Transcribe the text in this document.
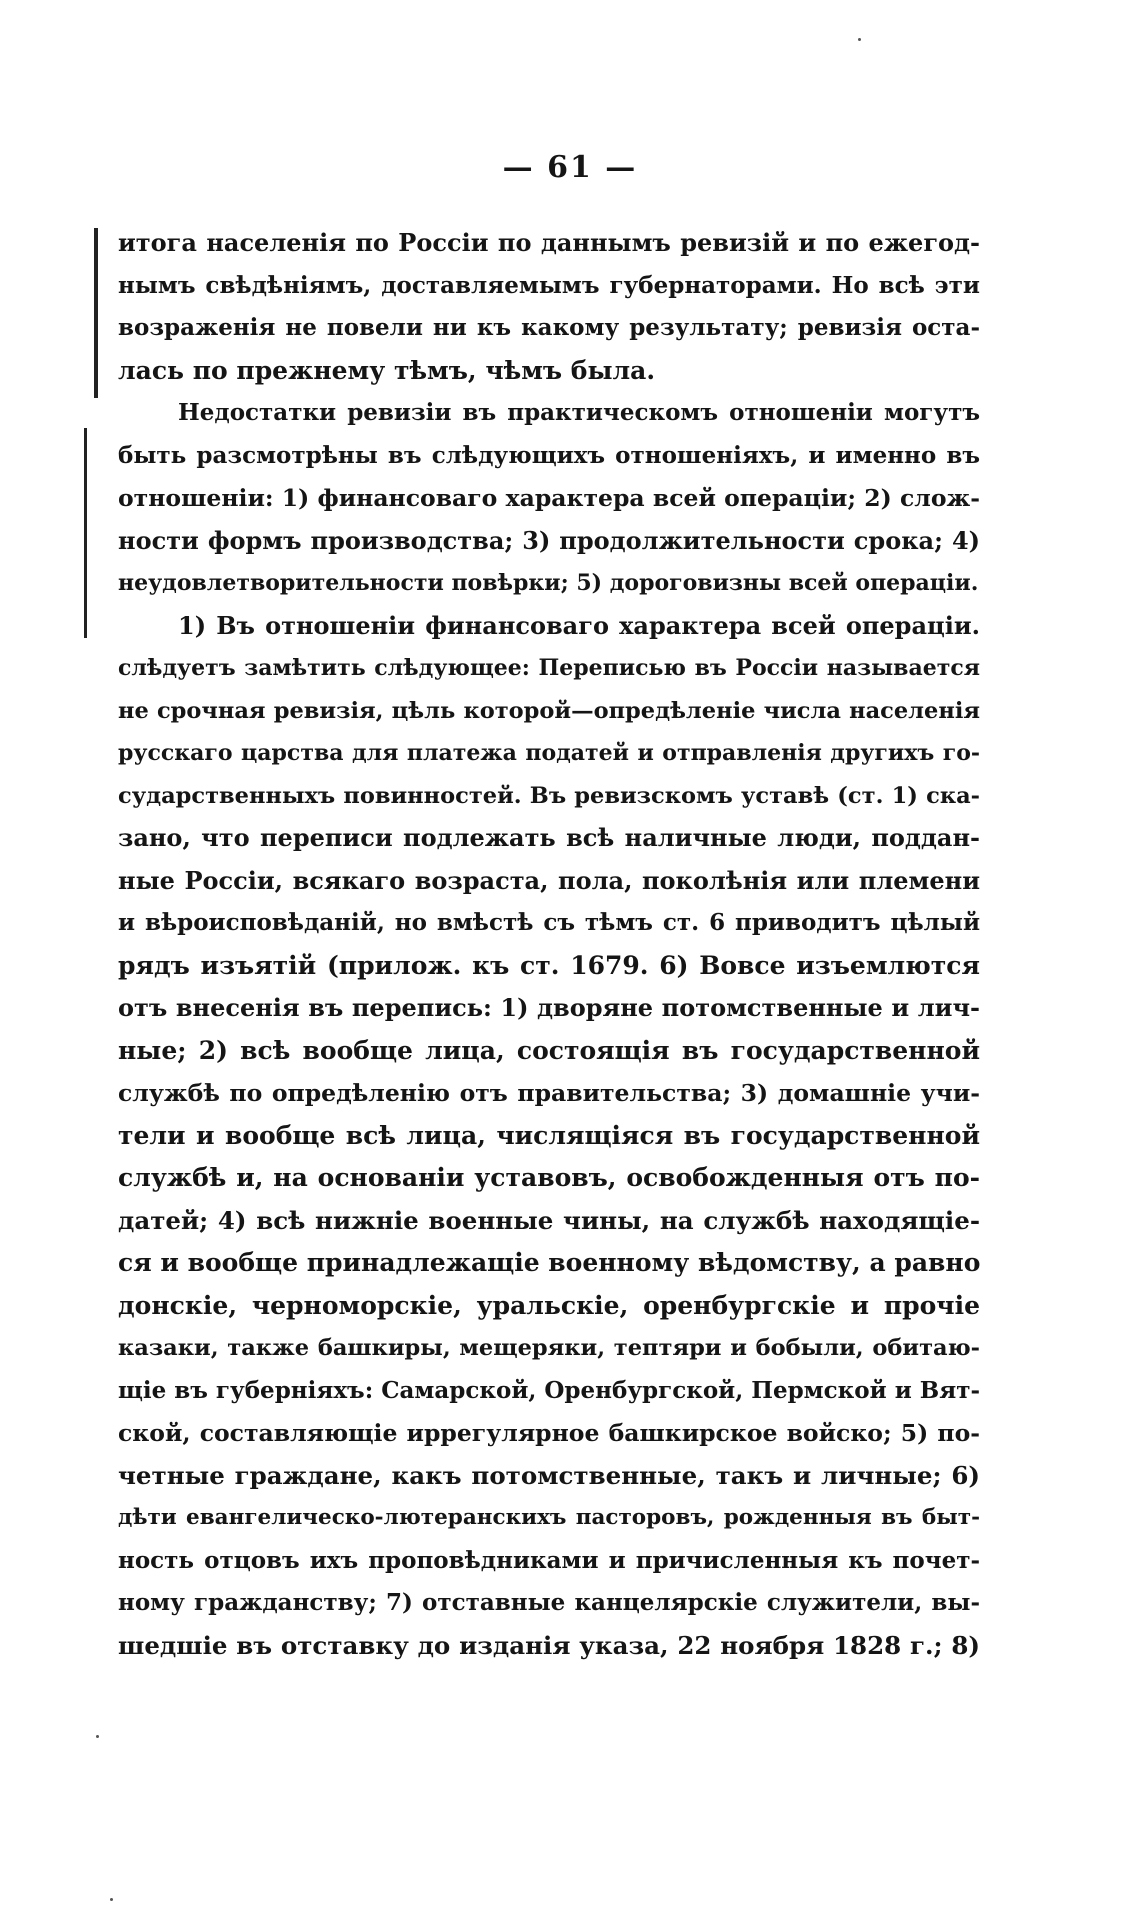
— 61 —
итога населенія по Россіи по даннымъ ревизій и по ежегод-
нымъ свѣдѣніямъ, доставляемымъ губернаторами. Но всѣ эти
возраженія не повели ни къ какому результату; ревизія оста-
лась по прежнему тѣмъ, чѣмъ была.
Недостатки ревизіи въ практическомъ отношеніи могутъ
быть разсмотрѣны въ слѣдующихъ отношеніяхъ, и именно въ
отношеніи: 1) финансоваго характера всей операціи; 2) слож-
ности формъ производства; 3) продолжительности срока; 4)
неудовлетворительности повѣрки; 5) дороговизны всей операціи.
1) Въ отношеніи финансоваго характера всей операціи.
слѣдуетъ замѣтить слѣдующее: Переписью въ Россіи называется
не срочная ревизія, цѣль которой—опредѣленіе числа населенія
русскаго царства для платежа податей и отправленія другихъ го-
сударственныхъ повинностей. Въ ревизскомъ уставѣ (ст. 1) ска-
зано, что переписи подлежать всѣ наличные люди, поддан-
ные Россіи, всякаго возраста, пола, поколѣнія или племени
и вѣроисповѣданій, но вмѣстѣ съ тѣмъ ст. 6 приводитъ цѣлый
рядъ изъятій (прилож. къ ст. 1679. 6) Вовсе изъемлются
отъ внесенія въ перепись: 1) дворяне потомственные и лич-
ные; 2) всѣ вообще лица, состоящія въ государственной
службѣ по опредѣленію отъ правительства; 3) домашніе учи-
тели и вообще всѣ лица, числящіяся въ государственной
службѣ и, на основаніи уставовъ, освобожденныя отъ по-
датей; 4) всѣ нижніе военные чины, на службѣ находящіе-
ся и вообще принадлежащіе военному вѣдомству, а равно
донскіе, черноморскіе, уральскіе, оренбургскіе и прочіе
казаки, также башкиры, мещеряки, тептяри и бобыли, обитаю-
щіе въ губерніяхъ: Самарской, Оренбургской, Пермской и Вят-
ской, составляющіе иррегулярное башкирское войско; 5) по-
четные граждане, какъ потомственные, такъ и личные; 6)
дѣти евангелическо-лютеранскихъ пасторовъ, рожденныя въ быт-
ность отцовъ ихъ проповѣдниками и причисленныя къ почет-
ному гражданству; 7) отставные канцелярскіе служители, вы-
шедшіе въ отставку до изданія указа, 22 ноября 1828 г.; 8)
